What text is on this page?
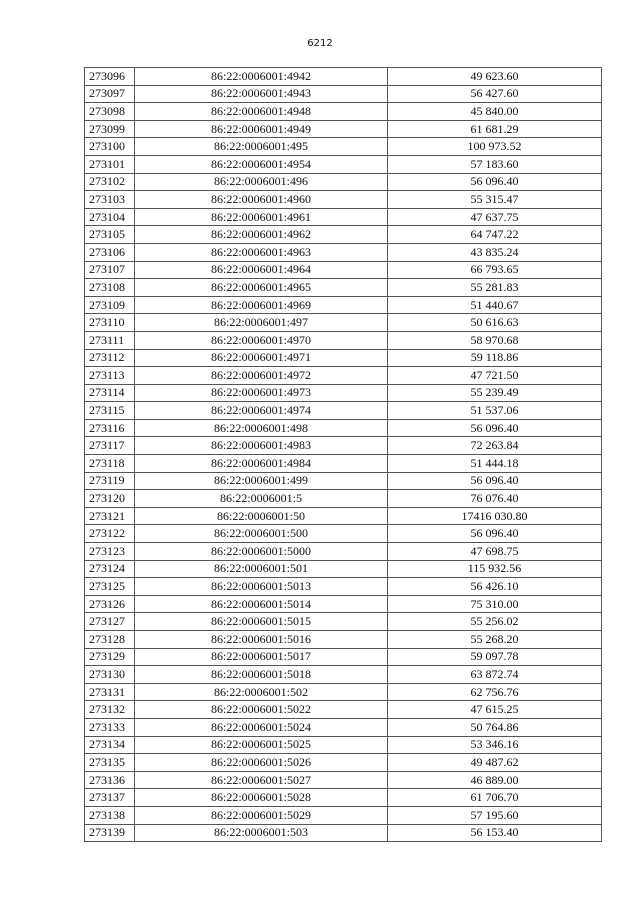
6212
273096	86:22:0006001:4942	49 623.60
273097	86:22:0006001:4943	56 427.60
273098	86:22:0006001:4948	45 840.00
273099	86:22:0006001:4949	61 681.29
273100	86:22:0006001:495	100 973.52
273101	86:22:0006001:4954	57 183.60
273102	86:22:0006001:496	56 096.40
273103	86:22:0006001:4960	55 315.47
273104	86:22:0006001:4961	47 637.75
273105	86:22:0006001:4962	64 747.22
273106	86:22:0006001:4963	43 835.24
273107	86:22:0006001:4964	66 793.65
273108	86:22:0006001:4965	55 281.83
273109	86:22:0006001:4969	51 440.67
273110	86:22:0006001:497	50 616.63
273111	86:22:0006001:4970	58 970.68
273112	86:22:0006001:4971	59 118.86
273113	86:22:0006001:4972	47 721.50
273114	86:22:0006001:4973	55 239.49
273115	86:22:0006001:4974	51 537.06
273116	86:22:0006001:498	56 096.40
273117	86:22:0006001:4983	72 263.84
273118	86:22:0006001:4984	51 444.18
273119	86:22:0006001:499	56 096.40
273120	86:22:0006001:5	76 076.40
273121	86:22:0006001:50	17416 030.80
273122	86:22:0006001:500	56 096.40
273123	86:22:0006001:5000	47 698.75
273124	86:22:0006001:501	115 932.56
273125	86:22:0006001:5013	56 426.10
273126	86:22:0006001:5014	75 310.00
273127	86:22:0006001:5015	55 256.02
273128	86:22:0006001:5016	55 268.20
273129	86:22:0006001:5017	59 097.78
273130	86:22:0006001:5018	63 872.74
273131	86:22:0006001:502	62 756.76
273132	86:22:0006001:5022	47 615.25
273133	86:22:0006001:5024	50 764.86
273134	86:22:0006001:5025	53 346.16
273135	86:22:0006001:5026	49 487.62
273136	86:22:0006001:5027	46 889.00
273137	86:22:0006001:5028	61 706.70
273138	86:22:0006001:5029	57 195.60
273139	86:22:0006001:503	56 153.40
